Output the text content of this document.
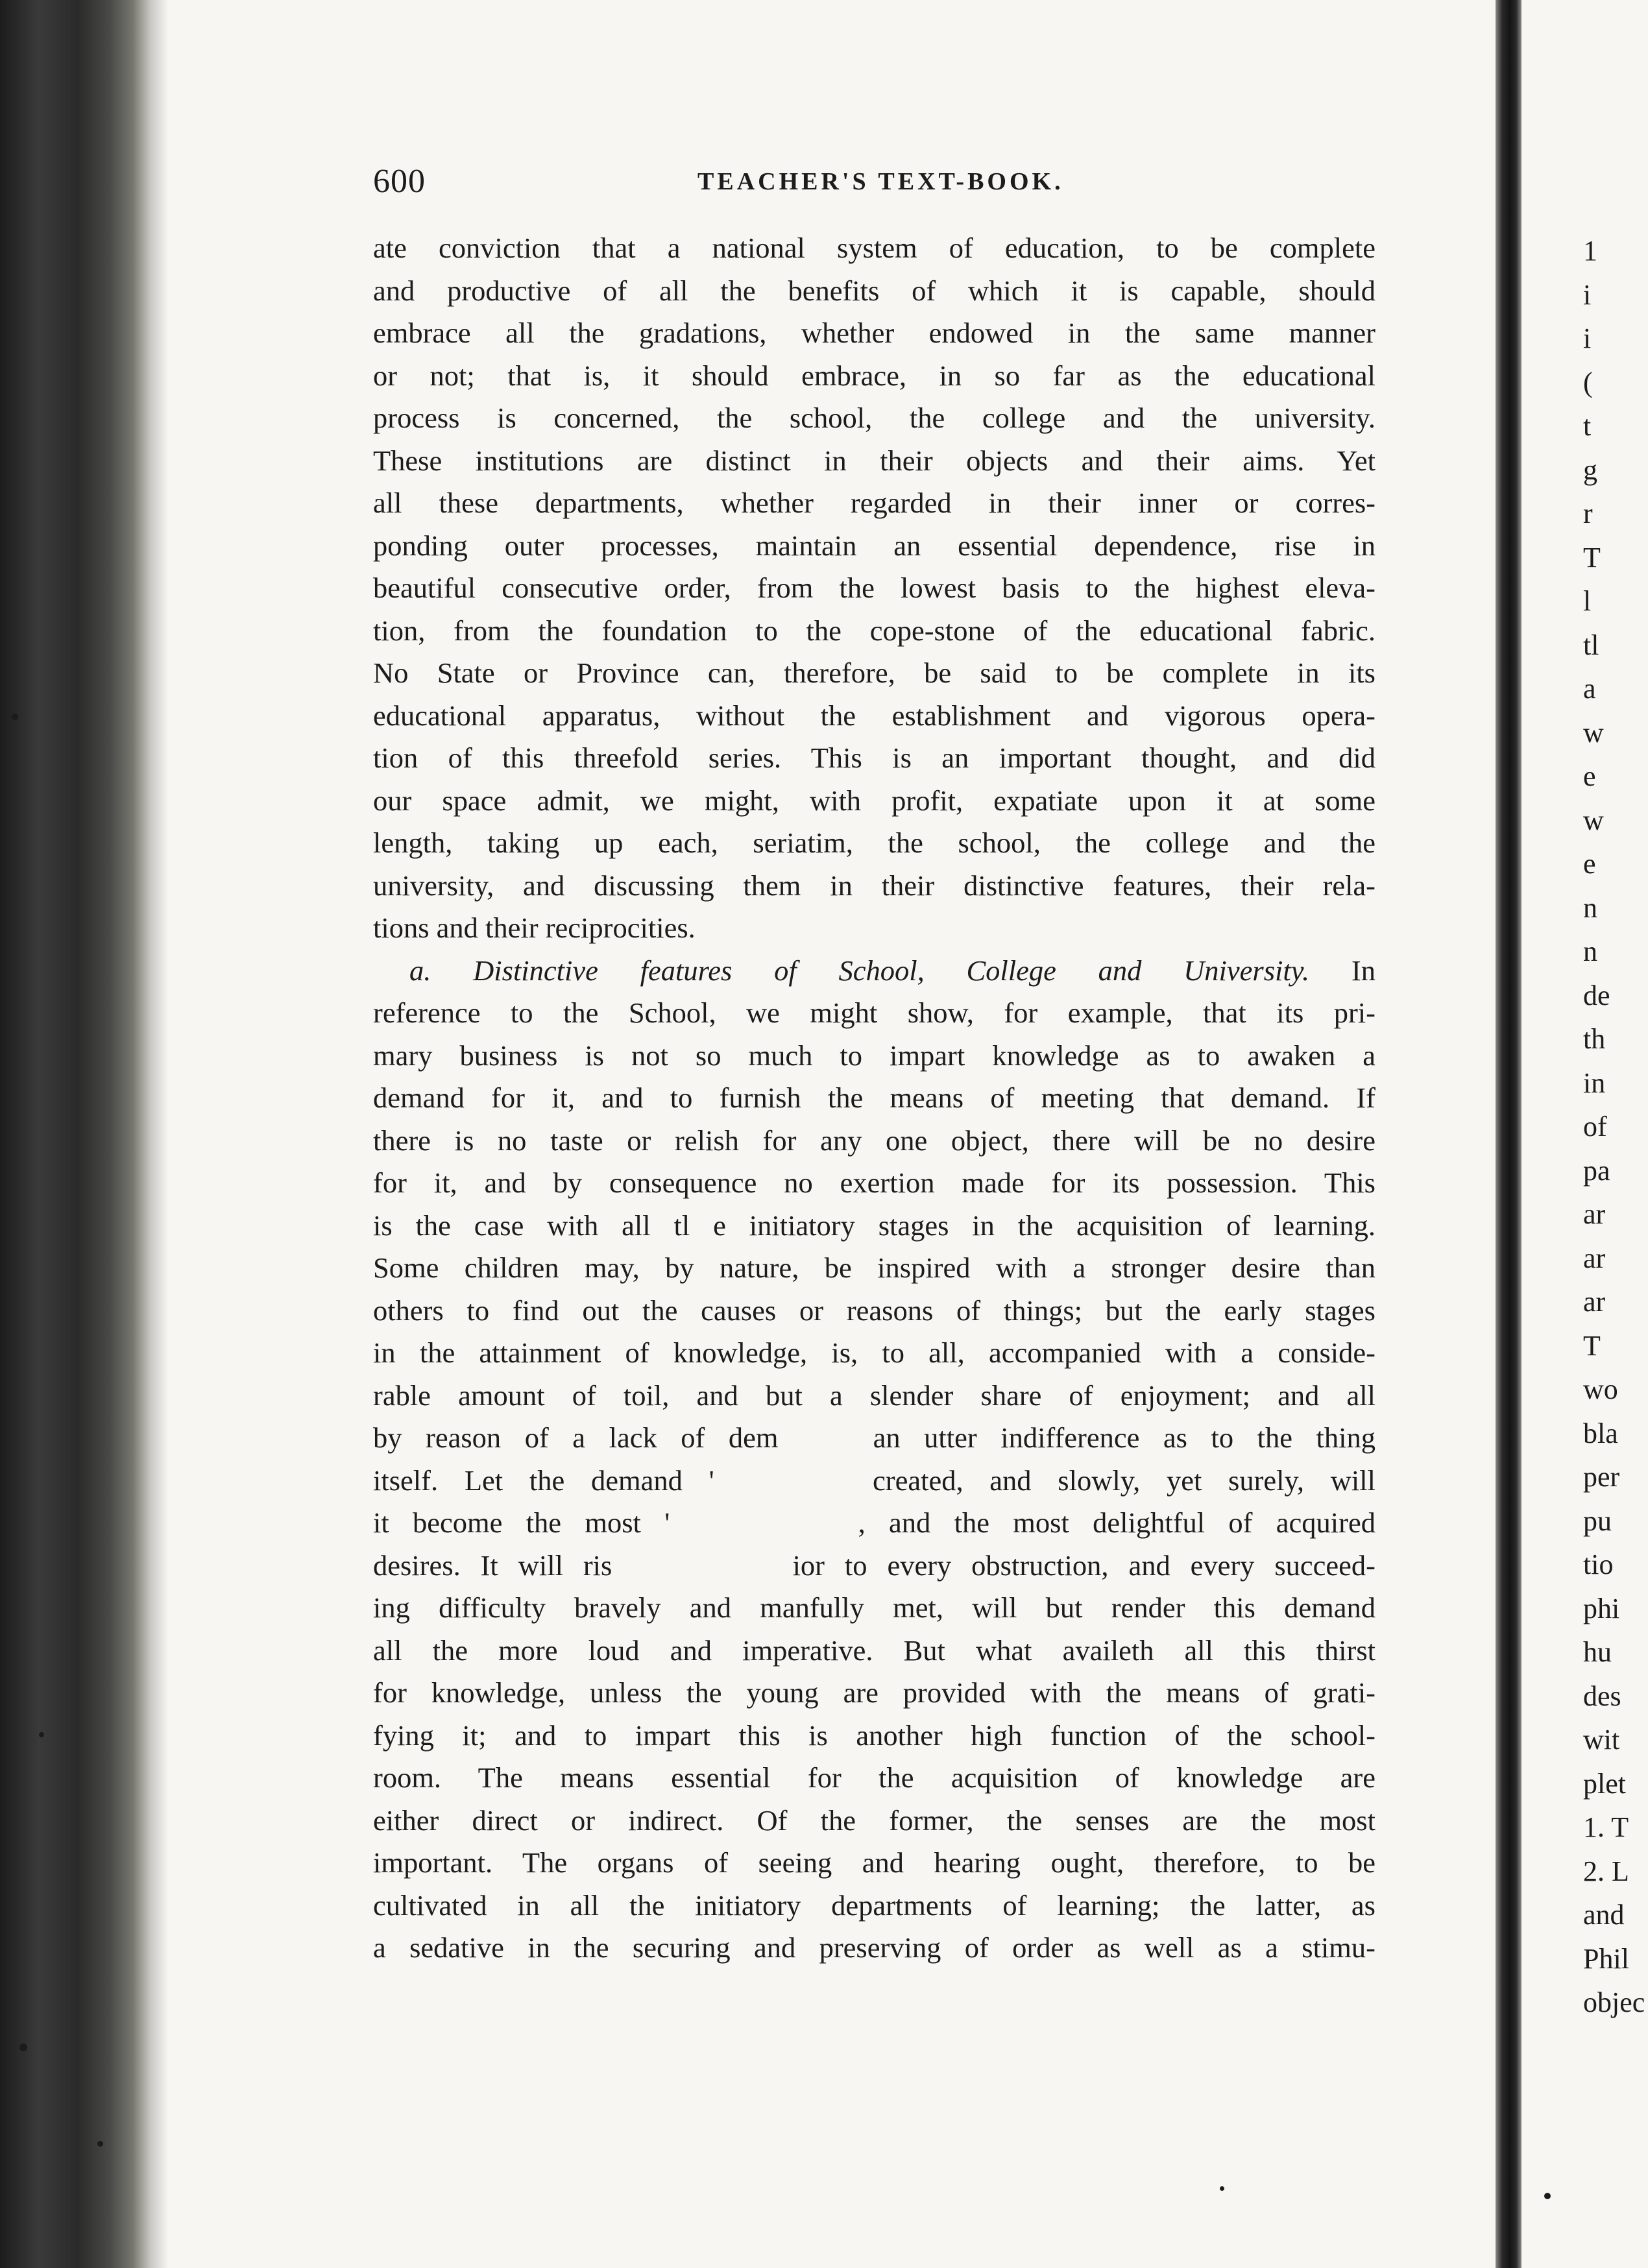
600	TEACHER'S TEXT-BOOK.
ate conviction that a national system of education, to be complete
and productive of all the benefits of which it is capable, should
embrace all the gradations, whether endowed in the same manner
or not; that is, it should embrace, in so far as the educational
process is concerned, the school, the college and the university.
These institutions are distinct in their objects and their aims. Yet
all these departments, whether regarded in their inner or corres-
ponding outer processes, maintain an essential dependence, rise in
beautiful consecutive order, from the lowest basis to the highest eleva-
tion, from the foundation to the cope-stone of the educational fabric.
No State or Province can, therefore, be said to be complete in its
educational apparatus, without the establishment and vigorous opera-
tion of this threefold series. This is an important thought, and did
our space admit, we might, with profit, expatiate upon it at some
length, taking up each, seriatim, the school, the college and the
university, and discussing them in their distinctive features, their rela-
tions and their reciprocities.
a. Distinctive features of School, College and University. In
reference to the School, we might show, for example, that its pri-
mary business is not so much to impart knowledge as to awaken a
demand for it, and to furnish the means of meeting that demand. If
there is no taste or relish for any one object, there will be no desire
for it, and by consequence no exertion made for its possession. This
is the case with all tl e initiatory stages in the acquisition of learning.
Some children may, by nature, be inspired with a stronger desire than
others to find out the causes or reasons of things; but the early stages
in the attainment of knowledge, is, to all, accompanied with a conside-
rable amount of toil, and but a slender share of enjoyment; and all
by reason of a lack of dem    an utter indifference as to the thing
itself. Let the demand '      created, and slowly, yet surely, will
it become the most '        , and the most delightful of acquired
desires. It will ris         ior to every obstruction, and every succeed-
ing difficulty bravely and manfully met, will but render this demand
all the more loud and imperative. But what availeth all this thirst
for knowledge, unless the young are provided with the means of grati-
fying it; and to impart this is another high function of the school-
room. The means essential for the acquisition of knowledge are
either direct or indirect. Of the former, the senses are the most
important. The organs of seeing and hearing ought, therefore, to be
cultivated in all the initiatory departments of learning; the latter, as
a sedative in the securing and preserving of order as well as a stimu-
1
i
i
(
t
g
r
T
l
tl
a
w
e
w
e
n
n
de
th
in
of
pa
ar
ar
ar
T
wo
bla
per
pu
tio
phi
hu
des
wit
plet
1. T
2. L
and
Phil
objec
